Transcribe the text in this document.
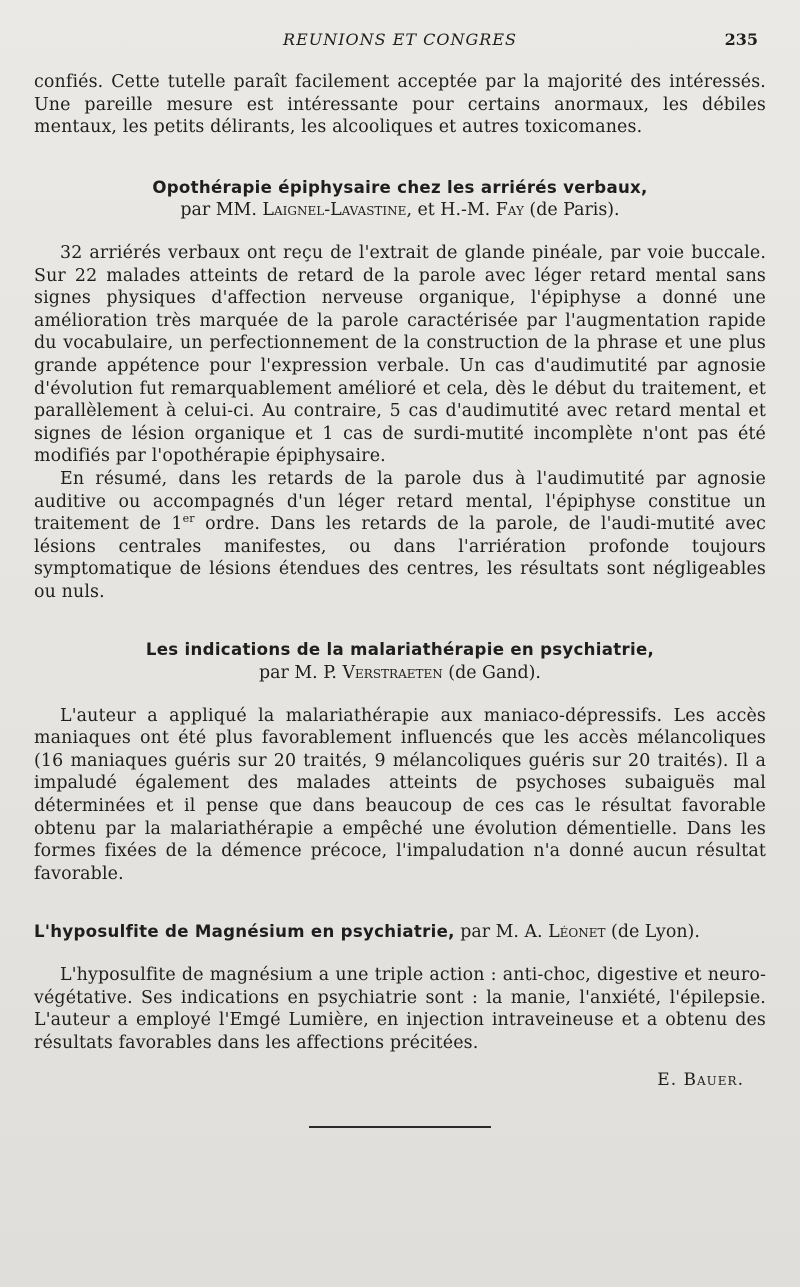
REUNIONS ET CONGRES	235

confiés. Cette tutelle paraît facilement acceptée par la majorité des intéressés. Une pareille mesure est intéressante pour certains anormaux, les débiles mentaux, les petits délirants, les alcooliques et autres toxicomanes.

Opothérapie épiphysaire chez les arriérés verbaux,
par MM. Laignel-Lavastine, et H.-M. Fay (de Paris).

32 arriérés verbaux ont reçu de l'extrait de glande pinéale, par voie buccale. Sur 22 malades atteints de retard de la parole avec léger retard mental sans signes physiques d'affection nerveuse organique, l'épiphyse a donné une amélioration très marquée de la parole caractérisée par l'augmentation rapide du vocabulaire, un perfectionnement de la construction de la phrase et une plus grande appétence pour l'expression verbale. Un cas d'audimutité par agnosie d'évolution fut remarquablement amélioré et cela, dès le début du traitement, et parallèlement à celui-ci. Au contraire, 5 cas d'audimutité avec retard mental et signes de lésion organique et 1 cas de surdi-mutité incomplète n'ont pas été modifiés par l'opothérapie épiphysaire.

En résumé, dans les retards de la parole dus à l'audimutité par agnosie auditive ou accompagnés d'un léger retard mental, l'épiphyse constitue un traitement de 1er ordre. Dans les retards de la parole, de l'audi-mutité avec lésions centrales manifestes, ou dans l'arriération profonde toujours symptomatique de lésions étendues des centres, les résultats sont négligeables ou nuls.

Les indications de la malariathérapie en psychiatrie,
par M. P. Verstraeten (de Gand).

L'auteur a appliqué la malariathérapie aux maniaco-dépressifs. Les accès maniaques ont été plus favorablement influencés que les accès mélancoliques (16 maniaques guéris sur 20 traités, 9 mélancoliques guéris sur 20 traités). Il a impaludé également des malades atteints de psychoses subaiguës mal déterminées et il pense que dans beaucoup de ces cas le résultat favorable obtenu par la malariathérapie a empêché une évolution démentielle. Dans les formes fixées de la démence précoce, l'impaludation n'a donné aucun résultat favorable.

L'hyposulfite de Magnésium en psychiatrie, par M. A. Léonet (de Lyon).

L'hyposulfite de magnésium a une triple action : anti-choc, digestive et neuro-végétative. Ses indications en psychiatrie sont : la manie, l'anxiété, l'épilepsie. L'auteur a employé l'Emgé Lumière, en injection intraveineuse et a obtenu des résultats favorables dans les affections précitées.

E. Bauer.
